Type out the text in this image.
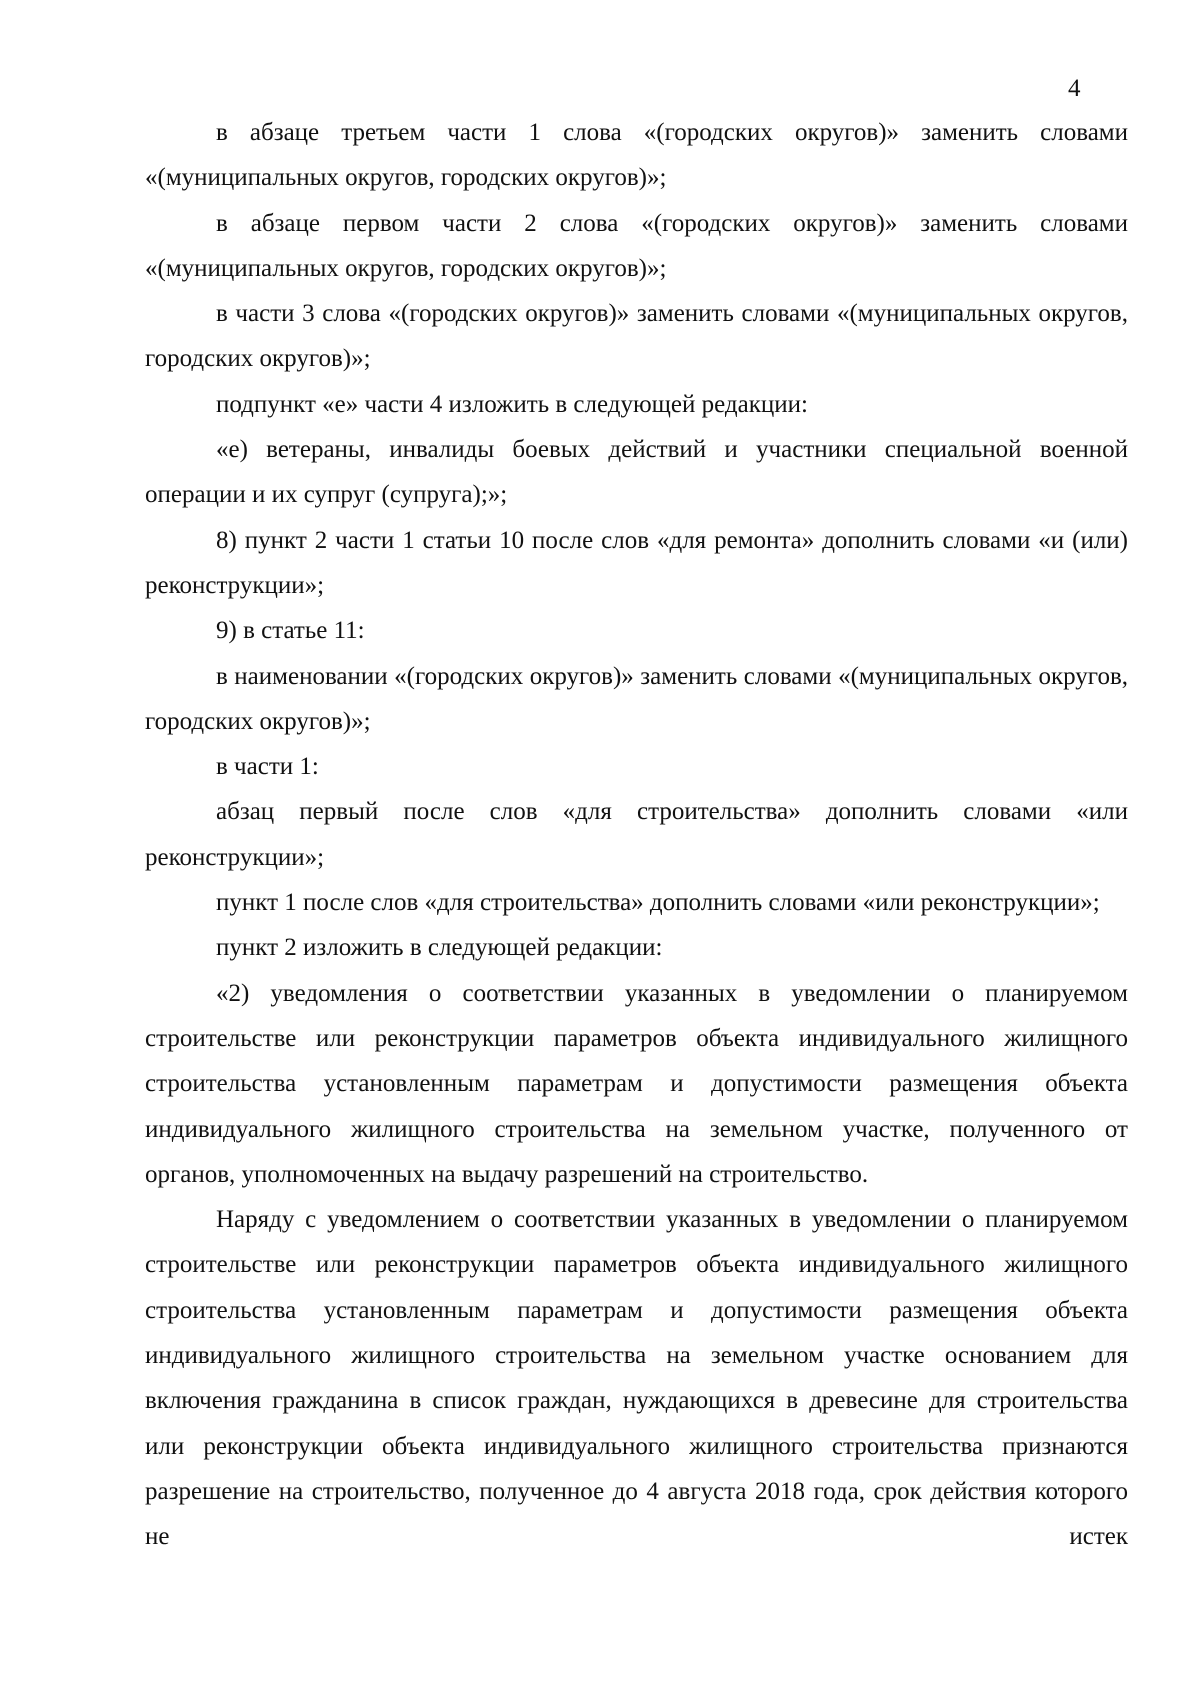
4

в абзаце третьем части 1 слова «(городских округов)» заменить словами «(муниципальных округов, городских округов)»;

в абзаце первом части 2 слова «(городских округов)» заменить словами «(муниципальных округов, городских округов)»;

в части 3 слова «(городских округов)» заменить словами «(муниципальных округов, городских округов)»;

подпункт «е» части 4 изложить в следующей редакции:

«е) ветераны, инвалиды боевых действий и участники специальной военной операции и их супруг (супруга);»;

8) пункт 2 части 1 статьи 10 после слов «для ремонта» дополнить словами «и (или) реконструкции»;

9) в статье 11:

в наименовании «(городских округов)» заменить словами «(муниципальных округов, городских округов)»;

в части 1:

абзац первый после слов «для строительства» дополнить словами «или реконструкции»;

пункт 1 после слов «для строительства» дополнить словами «или реконструкции»;

пункт 2 изложить в следующей редакции:

«2) уведомления о соответствии указанных в уведомлении о планируемом строительстве или реконструкции параметров объекта индивидуального жилищного строительства установленным параметрам и допустимости размещения объекта индивидуального жилищного строительства на земельном участке, полученного от органов, уполномоченных на выдачу разрешений на строительство.

Наряду с уведомлением о соответствии указанных в уведомлении о планируемом строительстве или реконструкции параметров объекта индивидуального жилищного строительства установленным параметрам и допустимости размещения объекта индивидуального жилищного строительства на земельном участке основанием для включения гражданина в список граждан, нуждающихся в древесине для строительства или реконструкции объекта индивидуального жилищного строительства признаются разрешение на строительство, полученное до 4 августа 2018 года, срок действия которого не истек
